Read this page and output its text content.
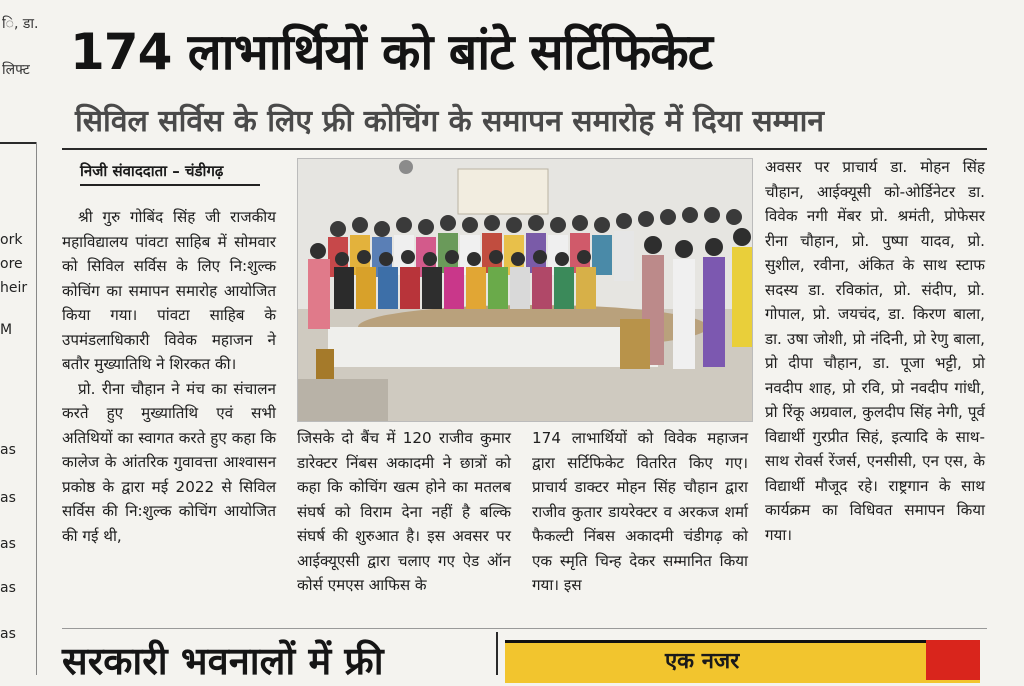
ि, डा.
लिफ्ट
ork
ore
heir
M
as
as
as
as
as
174 लाभार्थियों को बांटे सर्टिफिकेट
सिविल सर्विस के लिए फ्री कोचिंग के समापन समारोह में दिया सम्मान
निजी संवाददाता – चंडीगढ़

श्री गुरु गोबिंद सिंह जी राजकीय महाविद्यालय पांवटा साहिब में सोमवार को सिविल सर्विस के लिए नि:शुल्क कोचिंग का समापन समारोह आयोजित किया गया। पांवटा साहिब के उपमंडलाधिकारी विवेक महाजन ने बतौर मुख्यातिथि ने शिरकत की।

प्रो. रीना चौहान ने मंच का संचालन करते हुए मुख्यातिथि एवं सभी अतिथियों का स्वागत करते हुए कहा कि कालेज के आंतरिक गुवावत्ता आश्वासन प्रकोष्ठ के द्वारा मई 2022 से सिविल सर्विस की नि:शुल्क कोचिंग आयोजित की गई थी,

जिसके दो बैंच में 120 राजीव कुमार डारेक्टर निंबस अकादमी ने छात्रों को कहा कि कोचिंग खत्म होने का मतलब संघर्ष को विराम देना नहीं है बल्कि संघर्ष की शुरुआत है। इस अवसर पर आईक्यूएसी द्वारा चलाए गए ऐड ऑन कोर्स एमएस आफिस के

174 लाभार्थियों को विवेक महाजन द्वारा सर्टिफिकेट वितरित किए गए। प्राचार्य डाक्टर मोहन सिंह चौहान द्वारा राजीव कुतार डायरेक्टर व अरकज शर्मा फैकल्टी निंबस अकादमी चंडीगढ़ को एक स्मृति चिन्ह देकर सम्मानित किया गया। इस

अवसर पर प्राचार्य डा. मोहन सिंह चौहान, आईक्यूसी को-ओर्डिनेटर डा. विवेक नगी मेंबर प्रो. श्रमंती, प्रोफेसर रीना चौहान, प्रो. पुष्पा यादव, प्रो. सुशील, रवीना, अंकित के साथ स्टाफ सदस्य डा. रविकांत, प्रो. संदीप, प्रो. गोपाल, प्रो. जयचंद, डा. किरण बाला, डा. उषा जोशी, प्रो नंदिनी, प्रो रेणु बाला, प्रो दीपा चौहान, डा. पूजा भट्टी, प्रो नवदीप शाह, प्रो रवि, प्रो नवदीप गांधी, प्रो रिंकू अग्रवाल, कुलदीप सिंह नेगी, पूर्व विद्यार्थी गुरप्रीत सिहं, इत्यादि के साथ-साथ रोवर्स रेंजर्स, एनसीसी, एन एस, के विद्यार्थी मौजूद रहे। राष्ट्रगान के साथ कार्यक्रम का विधिवत समापन किया गया।

सरकारी भवनालों में फ्री	एक नजर
